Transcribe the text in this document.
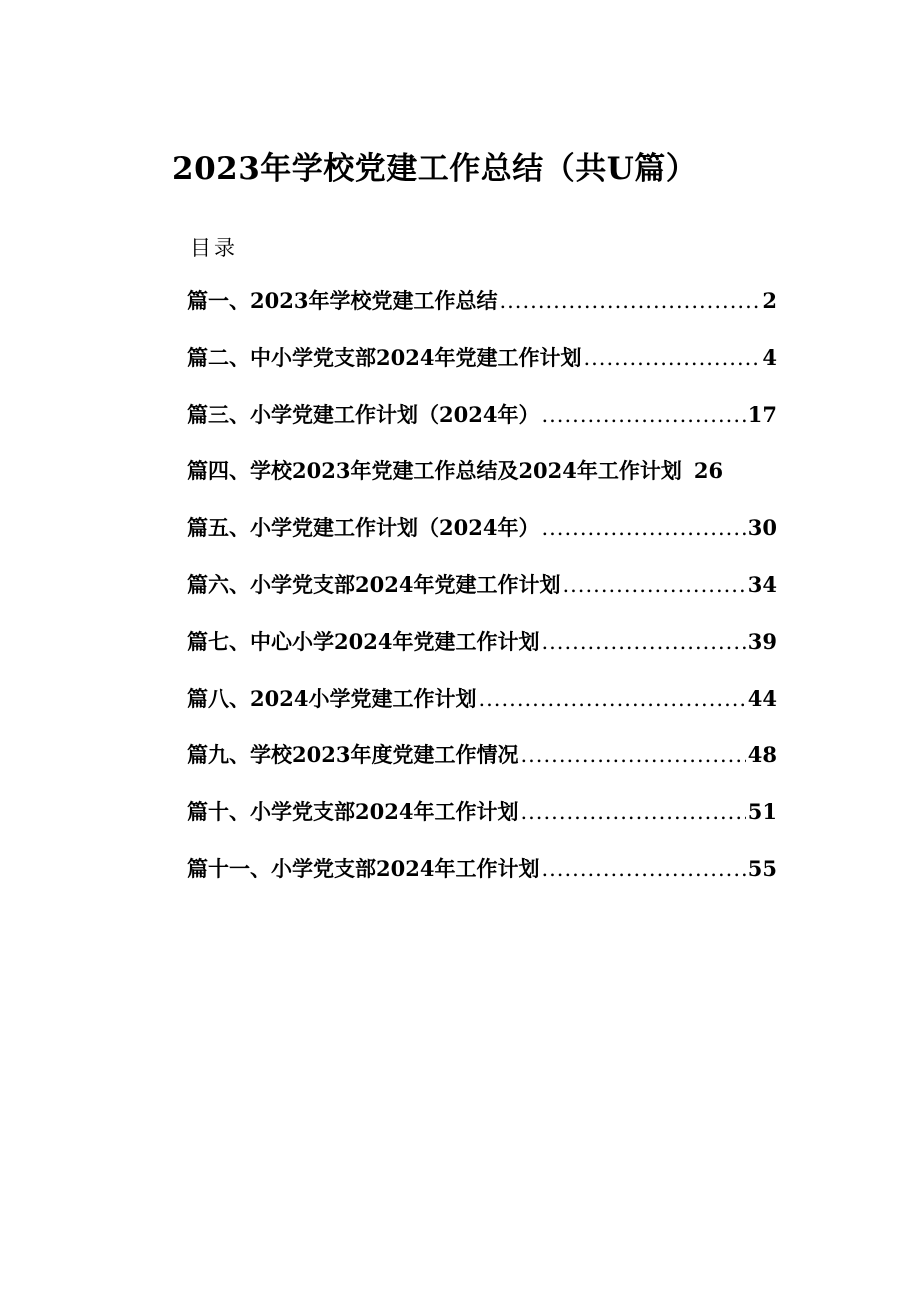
2023年学校党建工作总结（共U篇）
目录
篇一、2023年学校党建工作总结 .....	2
篇二、中小学党支部2024年党建工作计划 .....	4
篇三、小学党建工作计划（2024年） .....	17
篇四、学校2023年党建工作总结及2024年工作计划 26
篇五、小学党建工作计划（2024年） .....	30
篇六、小学党支部2024年党建工作计划 .....	34
篇七、中心小学2024年党建工作计划 .....	39
篇八、2024小学党建工作计划 .....	44
篇九、学校2023年度党建工作情况 .....	48
篇十、小学党支部2024年工作计划 .....	51
篇十一、小学党支部2024年工作计划 .....	55
